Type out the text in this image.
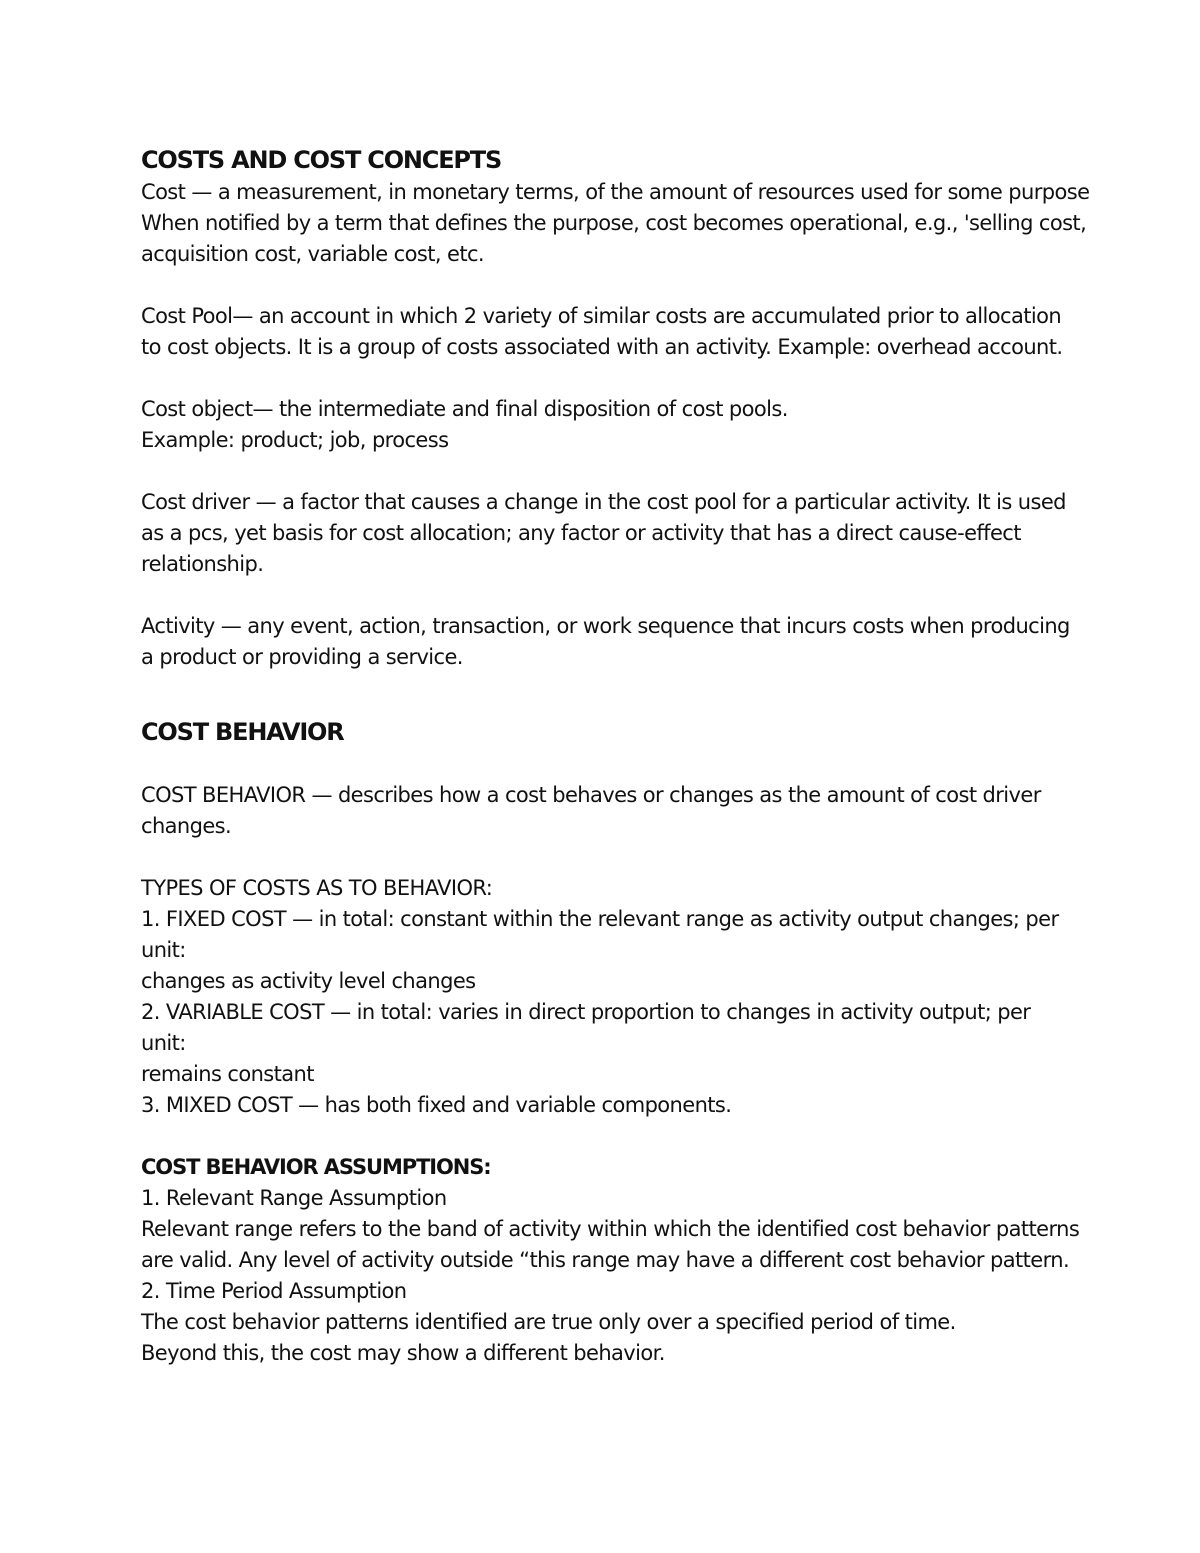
COSTS AND COST CONCEPTS

Cost — a measurement, in monetary terms, of the amount of resources used for some purpose
When notified by a term that defines the purpose, cost becomes operational, e.g., 'selling cost,
acquisition cost, variable cost, etc.

Cost Pool— an account in which 2 variety of similar costs are accumulated prior to allocation
to cost objects. It is a group of costs associated with an activity. Example: overhead account.

Cost object— the intermediate and final disposition of cost pools.
Example: product; job, process

Cost driver — a factor that causes a change in the cost pool for a particular activity. It is used
as a pcs, yet basis for cost allocation; any factor or activity that has a direct cause-effect
relationship.

Activity — any event, action, transaction, or work sequence that incurs costs when producing
a product or providing a service.

COST BEHAVIOR

COST BEHAVIOR — describes how a cost behaves or changes as the amount of cost driver
changes.

TYPES OF COSTS AS TO BEHAVIOR:
1. FIXED COST — in total: constant within the relevant range as activity output changes; per
unit:
changes as activity level changes
2. VARIABLE COST — in total: varies in direct proportion to changes in activity output; per
unit:
remains constant
3. MIXED COST — has both fixed and variable components.

COST BEHAVIOR ASSUMPTIONS:

1. Relevant Range Assumption
Relevant range refers to the band of activity within which the identified cost behavior patterns
are valid. Any level of activity outside “this range may have a different cost behavior pattern.
2. Time Period Assumption
The cost behavior patterns identified are true only over a specified period of time.
Beyond this, the cost may show a different behavior.
